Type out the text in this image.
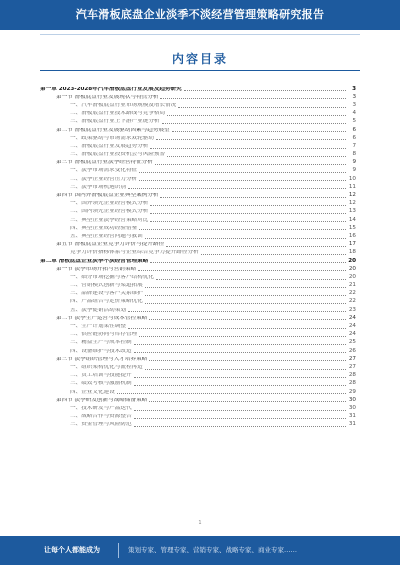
汽车滑板底盘企业淡季不淡经营管理策略研究报告
内容目录
第一章 2023-2028年汽车滑板底盘行业发展及趋势研究	3
第一节 滑板底盘行业发展现状与特点分析	3
一、汽车滑板底盘行业市场规模及增长情况	3
二、滑板底盘行业技术路线与竞争格局	4
三、滑板底盘行业上下游产业链分析	5
第二节 滑板底盘行业发展驱动因素与趋势展望	6
一、政策驱动与市场需求双轮驱动	6
二、滑板底盘行业发展趋势分析	7
三、滑板底盘行业投资机会与风险预警	8
第三节 滑板底盘行业淡季经营特征分析	9
一、淡季市场需求变化特征	9
二、淡季企业经营压力分析	10
三、淡季市场机遇识别	11
第四节 国内外滑板底盘企业典型案例分析	12
一、国外领先企业经营模式分析	12
二、国内领先企业经营模式分析	13
三、典型企业淡季经营策略对比	14
四、典型企业成功经验借鉴	15
五、典型企业经营问题与教训	16
第五节 滑板底盘企业竞争力评价与提升路径	17
竞争力评价指标体系与企业综合竞争力提升路径分析	18
第二章 滑板底盘企业淡季不淡经营管理策略	20
第一节 淡季市场开拓与营销策略	20
一、细分市场挖掘与客户结构优化	20
二、营销模式创新与渠道拓展	21
三、品牌建设与客户关系维护	22
四、产品组合与定价策略优化	22
五、淡季促销活动策划	23
第二节 淡季生产运营与成本管控策略	24
一、生产计划柔性调整	24
二、供应链协同与库存管理	24
三、精益生产与成本控制	25
四、设备维护与技术改造	26
第三节 淡季组织管理与人才培养策略	27
一、组织架构优化与流程再造	27
二、员工培训与技能提升	28
三、绩效考核与激励机制	28
四、企业文化建设	29
第四节 淡季研发创新与战略储备策略	30
一、技术研发与产品迭代	30
二、战略合作与资源整合	31
三、资金管理与风险防范	31
1
让每个人都能成为	策划专家、管理专家、营销专家、战略专家、商业专家……
